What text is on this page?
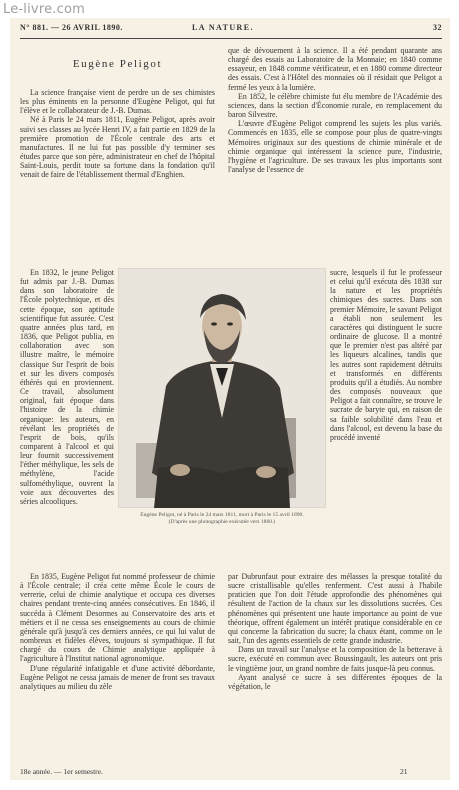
Le-livre.com
N° 881. — 26 AVRIL 1890.	LA NATURE.	32
Eugène Peligot

La science française vient de perdre un de ses chimistes les plus éminents en la personne d'Eugène Peligot, qui fut l'élève et le collaborateur de J.-B. Dumas.

Né à Paris le 24 mars 1811, Eugène Peligot, après avoir suivi ses classes au lycée Henri IV, a fait partie en 1829 de la première promotion de l'École centrale des arts et manufactures. Il ne lui fut pas possible d'y terminer ses études parce que son père, administrateur en chef de l'hôpital Saint-Louis, perdit toute sa fortune dans la fondation qu'il venait de faire de l'établissement thermal d'Enghien.

que de dévouement à la science. Il a été pendant quarante ans chargé des essais au Laboratoire de la Monnaie; en 1840 comme essayeur, en 1848 comme vérificateur, et en 1880 comme directeur des essais. C'est à l'Hôtel des monnaies où il résidait que Peligot a fermé les yeux à la lumière.

En 1852, le célèbre chimiste fut élu membre de l'Académie des sciences, dans la section d'Économie rurale, en remplacement du baron Silvestre.

L'œuvre d'Eugène Peligot comprend les sujets les plus variés. Commencés en 1835, elle se compose pour plus de quatre-vingts Mémoires originaux sur des questions de chimie minérale et de chimie organique qui intéressent la science pure, l'industrie, l'hygiène et l'agriculture. De ses travaux les plus importants sont l'analyse de l'essence de

En 1832, le jeune Peligot fut admis par J.-B. Dumas dans son laboratoire de l'École polytechnique, et dès cette époque, son aptitude scientifique fut assurée. C'est quatre années plus tard, en 1836, que Peligot publia, en collaboration avec son illustre maître, le mémoire classique Sur l'esprit de bois et sur les divers composés éthérés qui en proviennent. Ce travail, absolument original, fait époque dans l'histoire de la chimie organique: les auteurs, en révélant les propriétés de l'esprit de bois, qu'ils comparent à l'alcool et qui leur fournit successivement l'éther méthylique, les sels de méthylène, l'acide sulfométhylique, ouvrent la voie aux découvertes des séries alcooliques.

Eugène Peligot, né à Paris le 24 mars 1811, mort à Paris le 15 avril 1890.
(D'après une photographie exécutée vers 1860.)

sucre, lesquels il fut le professeur et celui qu'il exécuta dès 1838 sur la nature et les propriétés chimiques des sucres. Dans son premier Mémoire, le savant Peligot a établi non seulement les caractères qui distinguent le sucre ordinaire de glucose. Il a montré que le premier n'est pas altéré par les liqueurs alcalines, tandis que les autres sont rapidement détruits et transformés en différents produits qu'il a étudiés. Au nombre des composés nouveaux que Peligot a fait connaître, se trouve le sucrate de baryte qui, en raison de sa faible solubilité dans l'eau et dans l'alcool, est devenu la base du procédé inventé

En 1835, Eugène Peligot fut nommé professeur de chimie à l'École centrale; il créa cette même École le cours de verrerie, celui de chimie analytique et occupa ces diverses chaires pendant trente-cinq années consécutives. En 1846, il succéda à Clément Desormes au Conservatoire des arts et métiers et il ne cessa ses enseignements au cours de chimie générale qu'à jusqu'à ces derniers années, ce qui lui valut de nombreux et fidèles élèves, toujours si sympathique. Il fut chargé du cours de Chimie analytique appliquée à l'agriculture à l'Institut national agronomique.

D'une régularité infatigable et d'une activité débordante, Eugène Peligot ne cessa jamais de mener de front ses travaux analytiques au milieu du zèle

par Dubrunfaut pour extraire des mélasses la presque totalité du sucre cristallisable qu'elles renferment. C'est aussi à l'habile praticien que l'on doit l'étude approfondie des phénomènes qui résultent de l'action de la chaux sur les dissolutions sucrées. Ces phénomènes qui présentent une haute importance au point de vue théorique, offrent également un intérêt pratique considérable en ce qui concerne la fabrication du sucre; la chaux étant, comme on le sait, l'un des agents essentiels de cette grande industrie.

Dans un travail sur l'analyse et la composition de la betterave à sucre, exécuté en commun avec Boussingault, les auteurs ont pris le vingtième jour, un grand nombre de faits jusque-là peu connus.

Ayant analysé ce sucre à ses différentes époques de la végétation, le

18e année. — 1er semestre.	21
